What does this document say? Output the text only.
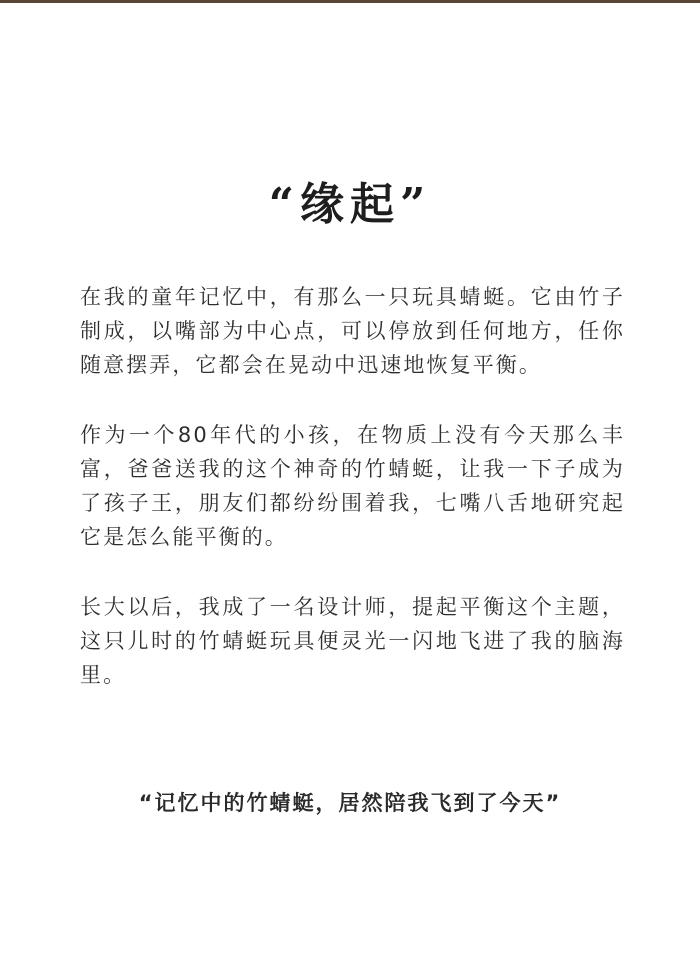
“缘起”

在我的童年记忆中，有那么一只玩具蜻蜓。它由竹子制成，以嘴部为中心点，可以停放到任何地方，任你随意摆弄，它都会在晃动中迅速地恢复平衡。

作为一个80年代的小孩，在物质上没有今天那么丰富，爸爸送我的这个神奇的竹蜻蜓，让我一下子成为了孩子王，朋友们都纷纷围着我，七嘴八舌地研究起它是怎么能平衡的。

长大以后，我成了一名设计师，提起平衡这个主题，这只儿时的竹蜻蜓玩具便灵光一闪地飞进了我的脑海里。

“记忆中的竹蜻蜓，居然陪我飞到了今天”
